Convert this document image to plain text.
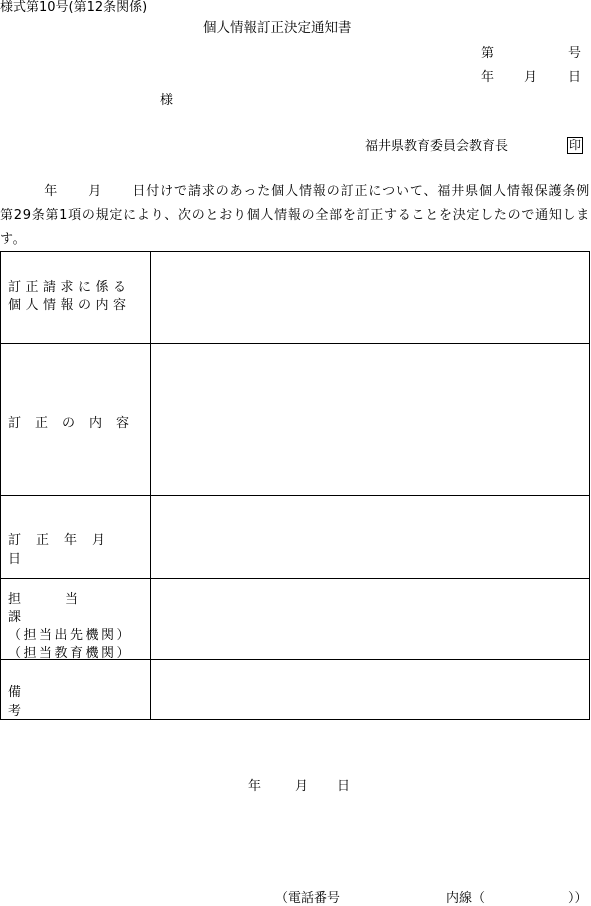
様式第10号(第12条関係)
個人情報訂正決定通知書
第	号
年 月 日
様
福井県教育委員会教育長	印
年 月 日付けで請求のあった個人情報の訂正について、福井県個人情報保護条例第29条第1項の規定により、次のとおり個人情報の全部を訂正することを決定したので通知します。
訂正請求に係る
個人情報の内容
訂正の内容
訂正年月日
年	月 日
担当課
（担当出先機関）
（担当教育機関）
（電話番号	内線（	））
備考
